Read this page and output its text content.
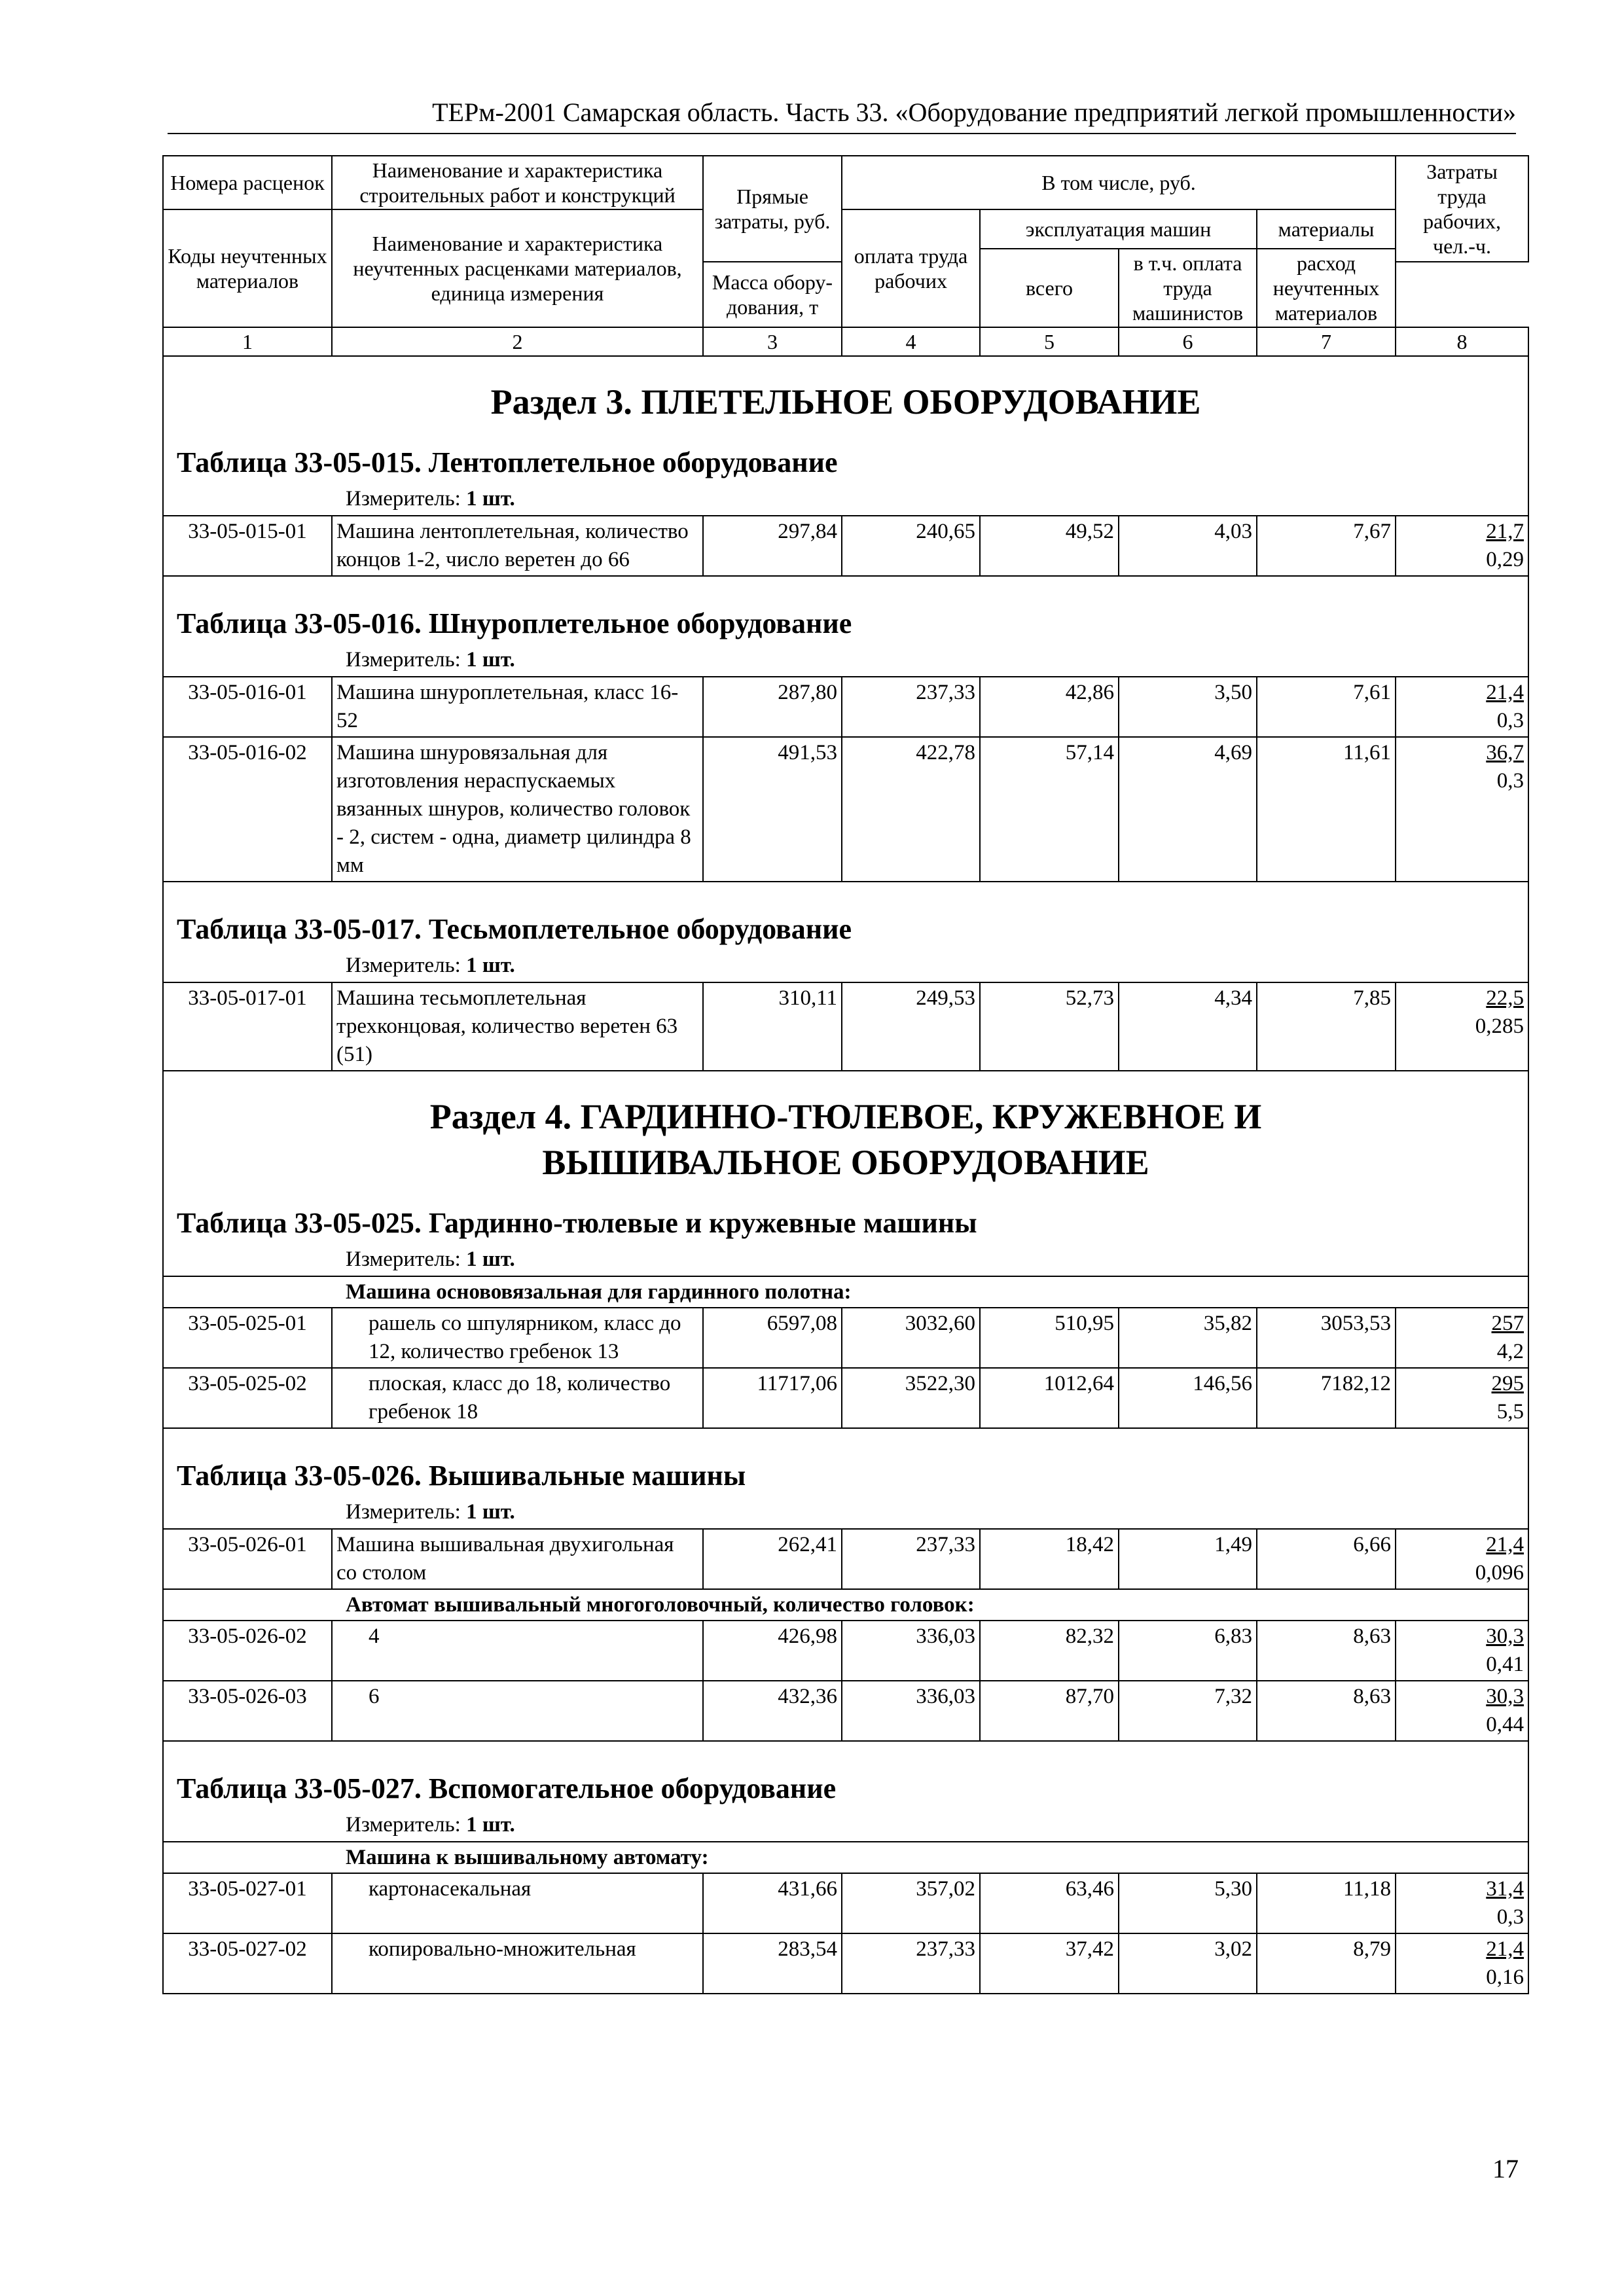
ТЕРм-2001 Самарская область. Часть 33. «Оборудование предприятий легкой промышленности»
Номера расценок	Наименование и характеристика строительных работ и конструкций	Прямые затраты, руб.	В том числе, руб.				Затраты труда рабочих, чел.-ч.
Коды неучтенных материалов	Наименование и характеристика неучтенных расценками материалов, единица измерения		оплата труда рабочих	эксплуатация машин		материалы	
				всего	в т.ч. оплата труда машинистов	расход неучтенных материалов	
		Масса обору-дования, т					
1	2	3	4	5	6	7	8
Раздел 3. ПЛЕТЕЛЬНОЕ ОБОРУДОВАНИЕ							
Таблица 33-05-015. Лентоплетельное оборудование							
Измеритель: 1 шт.							
33-05-015-01	Машина лентоплетельная, количество концов 1-2, число веретен до 66	297,84	240,65	49,52	4,03	7,67	21,7
0,29

Таблица 33-05-016. Шнуроплетельное оборудование							
Измеритель: 1 шт.							
33-05-016-01	Машина шнуроплетельная, класс 16-52	287,80	237,33	42,86	3,50	7,61	21,4
0,3

33-05-016-02	Машина шнуровязальная для изготовления нераспускаемых вязанных шнуров, количество головок - 2, систем - одна, диаметр цилиндра 8 мм	491,53	422,78	57,14	4,69	11,61	36,7
0,3

Таблица 33-05-017. Тесьмоплетельное оборудование							
Измеритель: 1 шт.							
33-05-017-01	Машина тесьмоплетельная трехконцовая, количество веретен 63 (51)	310,11	249,53	52,73	4,34	7,85	22,5
0,285

Раздел 4. ГАРДИННО-ТЮЛЕВОЕ, КРУЖЕВНОЕ И ВЫШИВАЛЬНОЕ ОБОРУДОВАНИЕ							
Таблица 33-05-025. Гардинно-тюлевые и кружевные машины							
Измеритель: 1 шт.							
Машина основовязальная для гардинного полотна:							
33-05-025-01	рашель со шпулярником, класс до 12, количество гребенок 13	6597,08	3032,60	510,95	35,82	3053,53	257
4,2

33-05-025-02	плоская, класс до 18, количество гребенок 18	11717,06	3522,30	1012,64	146,56	7182,12	295
5,5

Таблица 33-05-026. Вышивальные машины							
Измеритель: 1 шт.							
33-05-026-01	Машина вышивальная двухигольная со столом	262,41	237,33	18,42	1,49	6,66	21,4
0,096

Автомат вышивальный многоголовочный, количество головок:							
33-05-026-02	4	426,98	336,03	82,32	6,83	8,63	30,3
0,41

33-05-026-03	6	432,36	336,03	87,70	7,32	8,63	30,3
0,44

Таблица 33-05-027. Вспомогательное оборудование							
Измеритель: 1 шт.							
Машина к вышивальному автомату:							
33-05-027-01	картонасекальная	431,66	357,02	63,46	5,30	11,18	31,4
0,3

33-05-027-02	копировально-множительная	283,54	237,33	37,42	3,02	8,79	21,4
0,16
17
